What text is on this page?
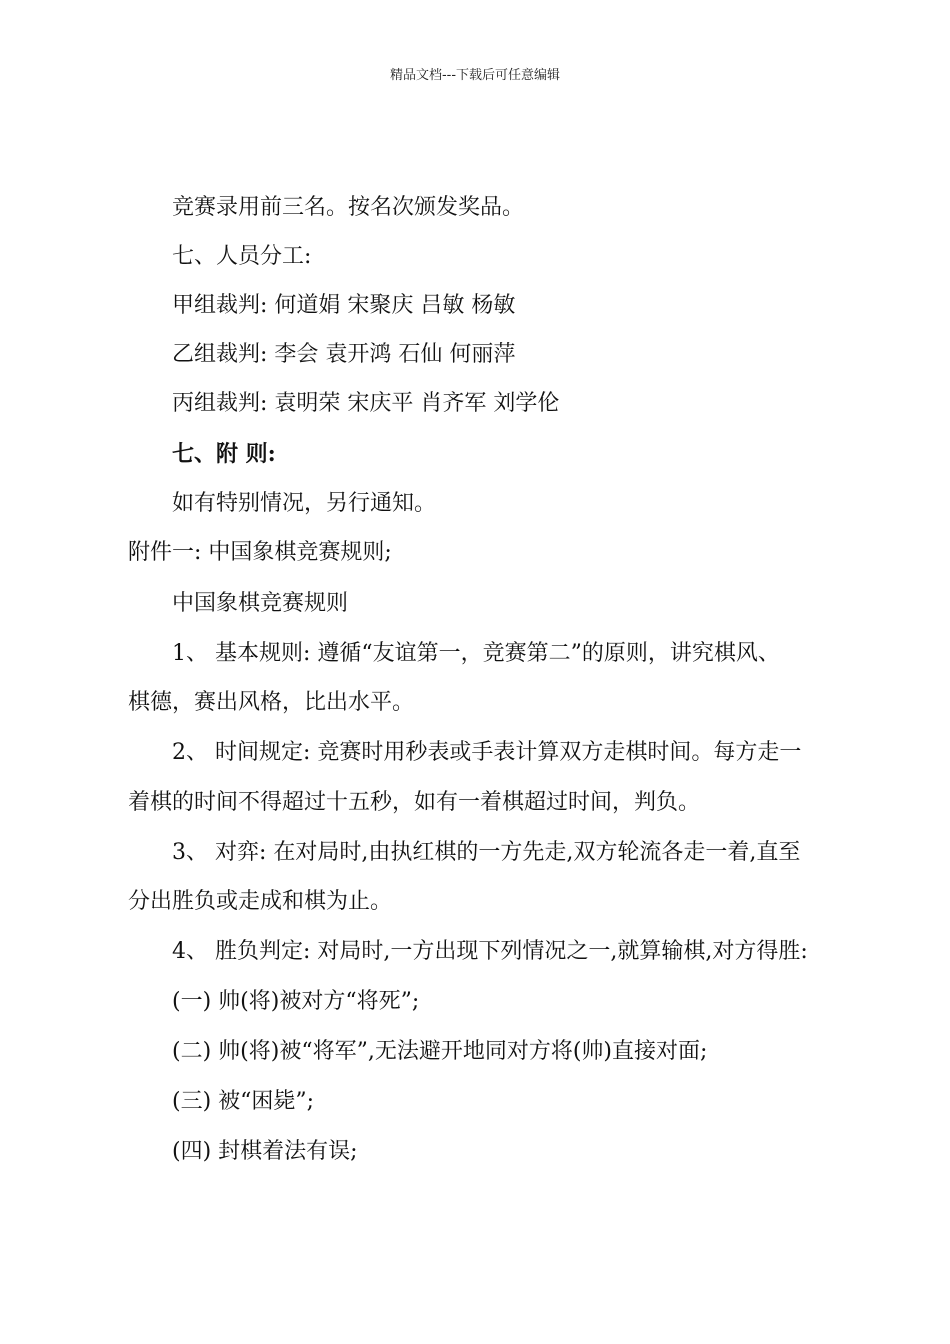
精品文档---下载后可任意编辑
竞赛录用前三名。按名次颁发奖品。
七、人员分工:
甲组裁判: 何道娟 宋聚庆 吕敏 杨敏
乙组裁判: 李会 袁开鸿 石仙 何丽萍
丙组裁判: 袁明荣 宋庆平 肖齐军 刘学伦
七、附 则:
如有特别情况，另行通知。
附件一: 中国象棋竞赛规则;
中国象棋竞赛规则
1、 基本规则: 遵循“友谊第一，竞赛第二”的原则，讲究棋风、
棋德，赛出风格，比出水平。
2、 时间规定: 竞赛时用秒表或手表计算双方走棋时间。每方走一
着棋的时间不得超过十五秒，如有一着棋超过时间，判负。
3、 对弈: 在对局时,由执红棋的一方先走,双方轮流各走一着,直至
分出胜负或走成和棋为止。
4、 胜负判定: 对局时,一方出现下列情况之一,就算输棋,对方得胜:
(一) 帅(将)被对方“将死”;
(二) 帅(将)被“将军”,无法避开地同对方将(帅)直接对面;
(三) 被“困毙”;
(四) 封棋着法有误;
